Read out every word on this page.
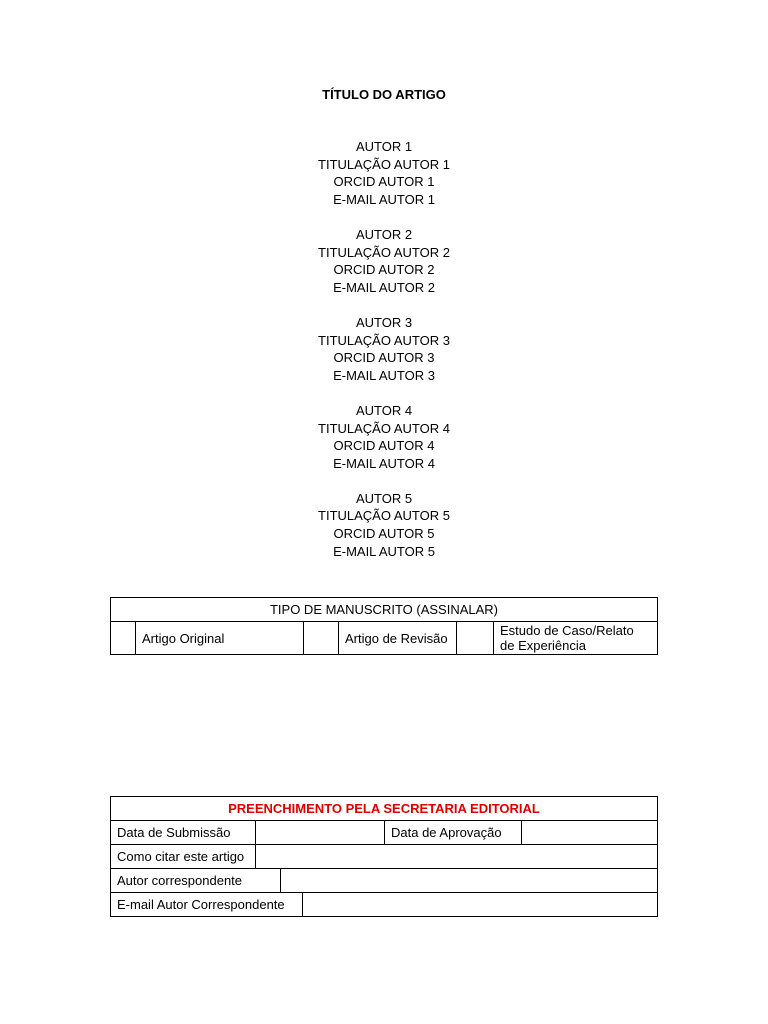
TÍTULO DO ARTIGO
AUTOR 1
TITULAÇÃO AUTOR 1
ORCID AUTOR 1
E-MAIL AUTOR 1
AUTOR 2
TITULAÇÃO AUTOR 2
ORCID AUTOR 2
E-MAIL AUTOR 2
AUTOR 3
TITULAÇÃO AUTOR 3
ORCID AUTOR 3
E-MAIL AUTOR 3
AUTOR 4
TITULAÇÃO AUTOR 4
ORCID AUTOR 4
E-MAIL AUTOR 4
AUTOR 5
TITULAÇÃO AUTOR 5
ORCID AUTOR 5
E-MAIL AUTOR 5
TIPO DE MANUSCRITO (ASSINALAR)
	Artigo Original		Artigo de Revisão		Estudo de Caso/Relato de Experiência
PREENCHIMENTO PELA SECRETARIA EDITORIAL

Data de Submissão		Data de Aprovação	

Como citar este artigo	

Autor correspondente	

E-mail Autor Correspondente	
